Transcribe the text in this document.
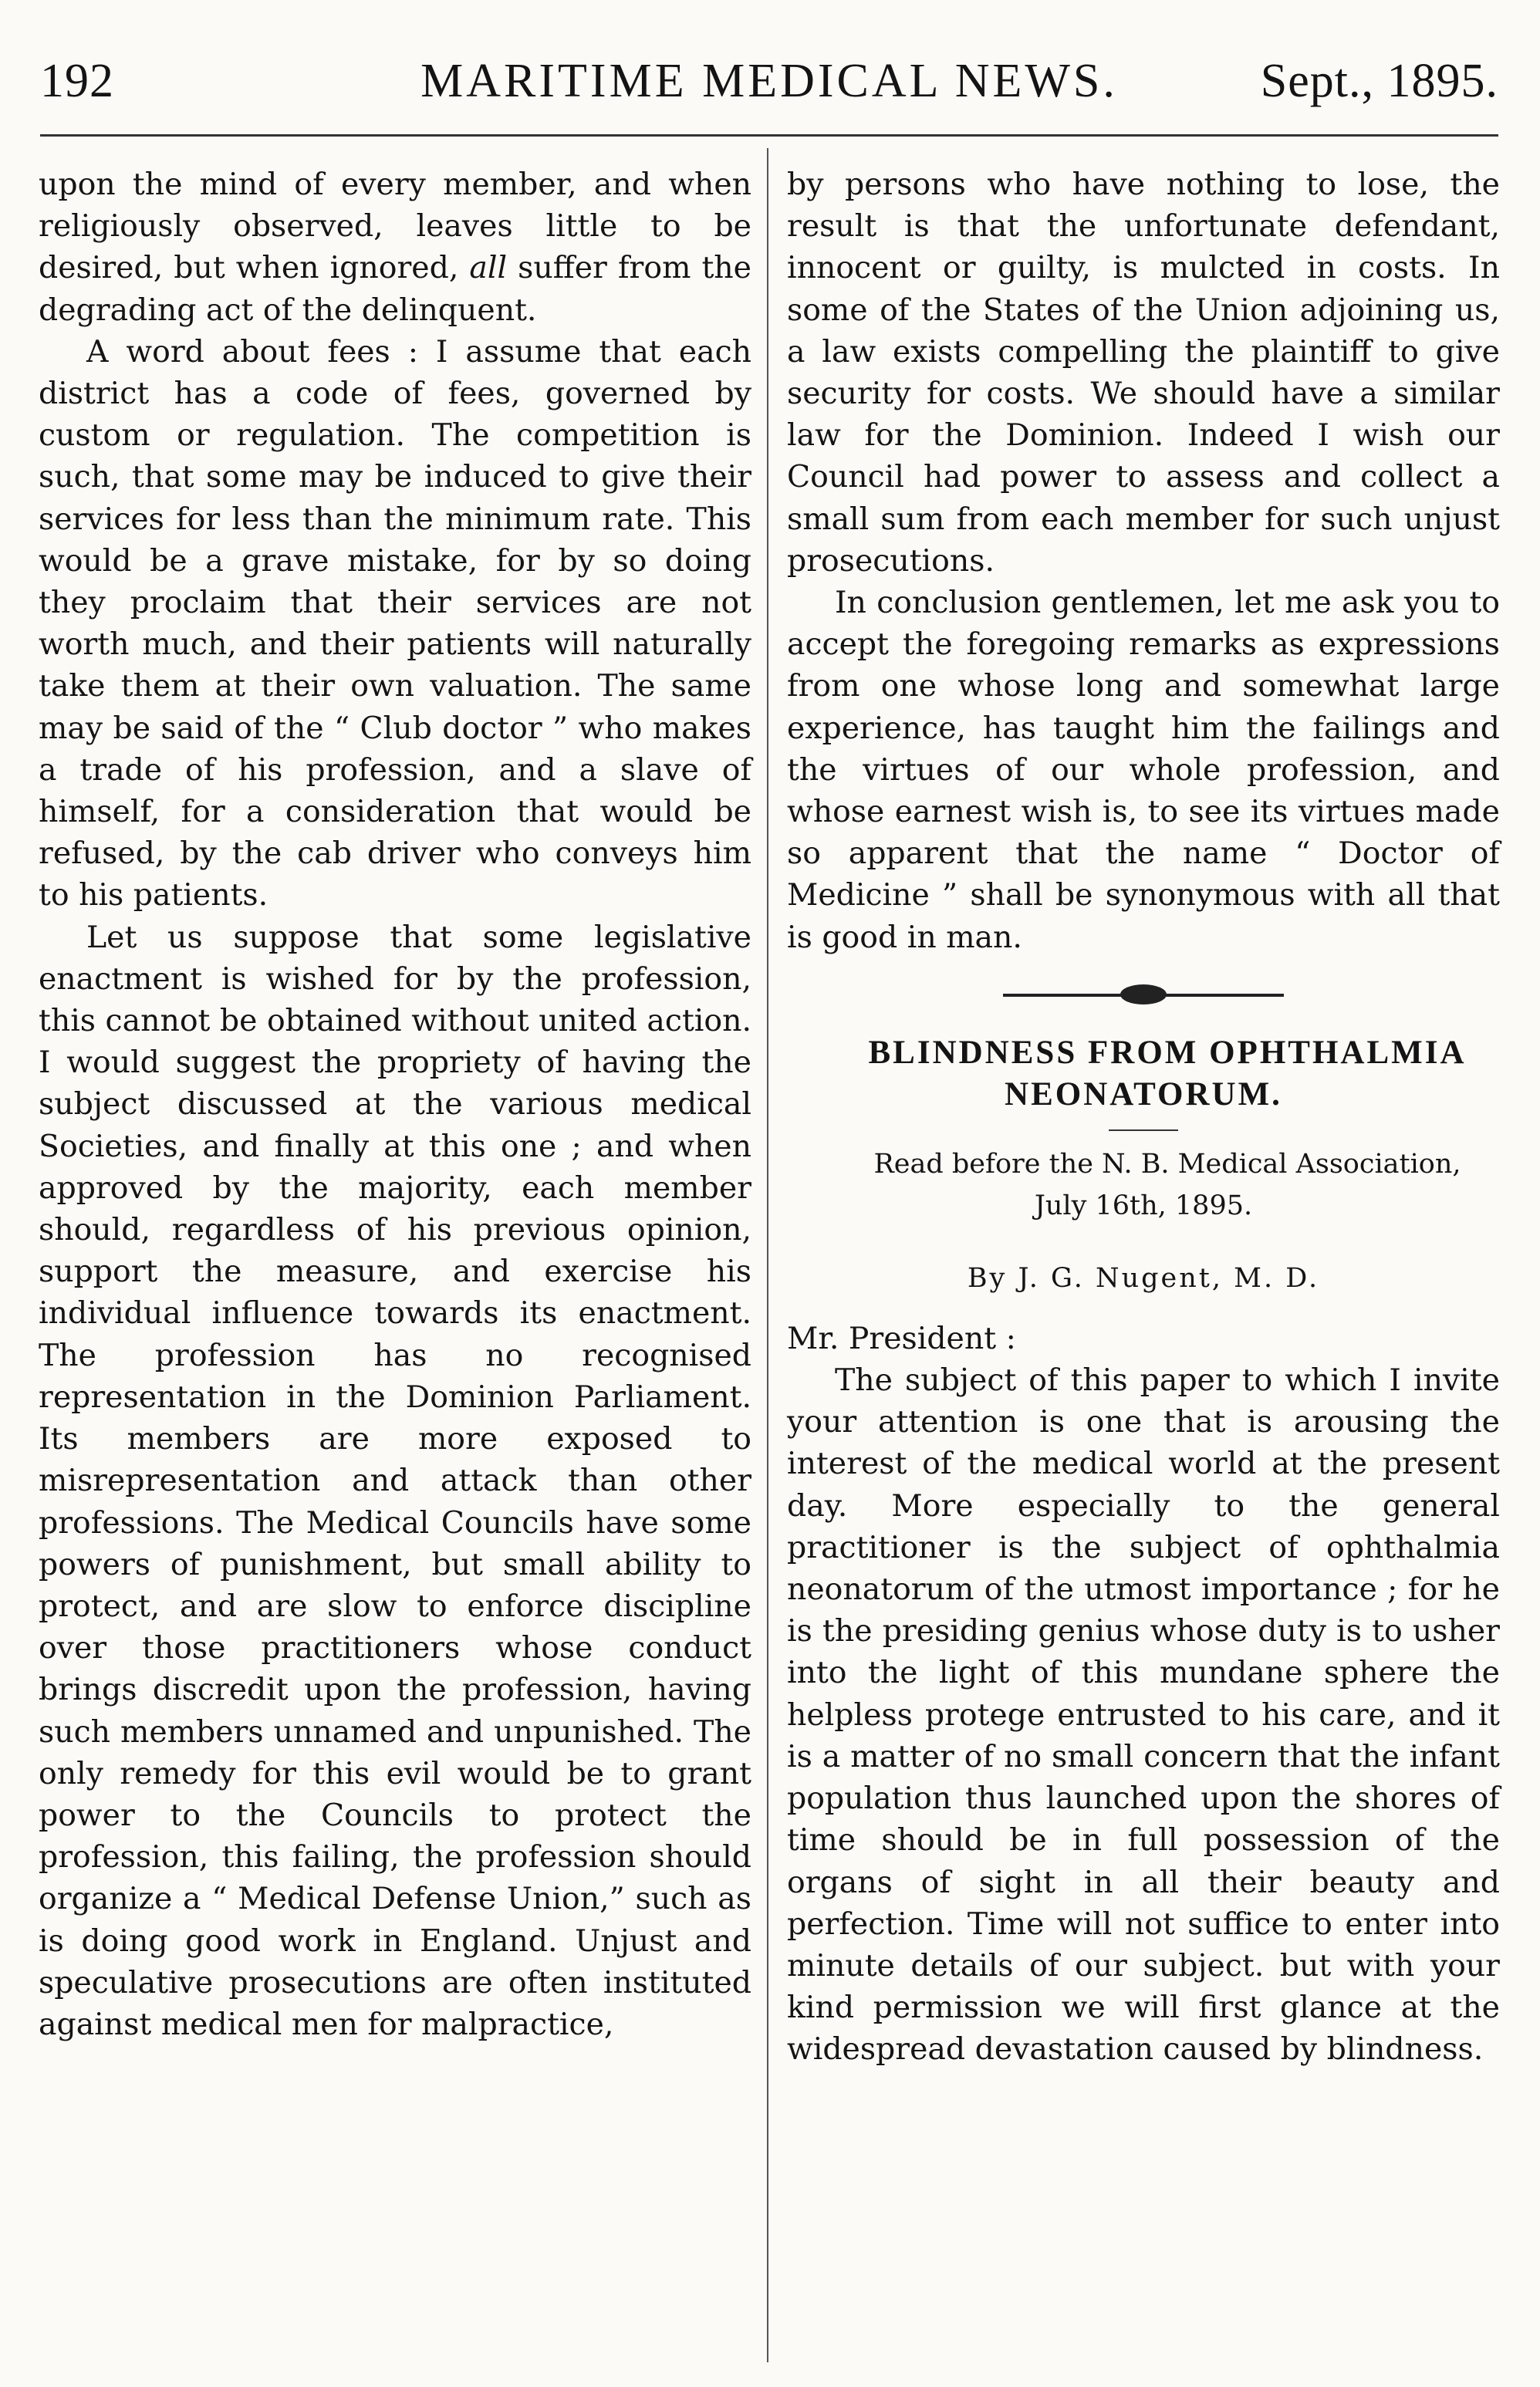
192	MARITIME MEDICAL NEWS.	Sept., 1895.

upon the mind of every member, and when religiously observed, leaves little to be desired, but when ignored, all suffer from the degrading act of the delinquent.

A word about fees : I assume that each district has a code of fees, governed by custom or regulation. The competition is such, that some may be induced to give their services for less than the minimum rate. This would be a grave mistake, for by so doing they proclaim that their services are not worth much, and their patients will naturally take them at their own valuation. The same may be said of the “ Club doctor ” who makes a trade of his profession, and a slave of himself, for a consideration that would be refused, by the cab driver who conveys him to his patients.

Let us suppose that some legislative enactment is wished for by the profession, this cannot be obtained without united action. I would suggest the propriety of having the subject discussed at the various medical Societies, and finally at this one ; and when approved by the majority, each member should, regardless of his previous opinion, support the measure, and exercise his individual influence towards its enactment. The profession has no recognised representation in the Dominion Parliament. Its members are more exposed to misrepresentation and attack than other professions. The Medical Councils have some powers of punishment, but small ability to protect, and are slow to enforce discipline over those practitioners whose conduct brings discredit upon the profession, having such members unnamed and unpunished. The only remedy for this evil would be to grant power to the Councils to protect the profession, this failing, the profession should organize a “ Medical Defense Union,” such as is doing good work in England. Unjust and speculative prosecutions are often instituted against medical men for malpractice,

by persons who have nothing to lose, the result is that the unfortunate defendant, innocent or guilty, is mulcted in costs. In some of the States of the Union adjoining us, a law exists compelling the plaintiff to give security for costs. We should have a similar law for the Dominion. Indeed I wish our Council had power to assess and collect a small sum from each member for such unjust prosecutions.

In conclusion gentlemen, let me ask you to accept the foregoing remarks as expressions from one whose long and somewhat large experience, has taught him the failings and the virtues of our whole profession, and whose earnest wish is, to see its virtues made so apparent that the name “ Doctor of Medicine ” shall be synonymous with all that is good in man.

BLINDNESS FROM OPHTHALMIA
NEONATORUM.

Read before the N. B. Medical Association,
July 16th, 1895.

By J. G. Nugent, M. D.

Mr. President :

The subject of this paper to which I invite your attention is one that is arousing the interest of the medical world at the present day. More especially to the general practitioner is the subject of ophthalmia neonatorum of the utmost importance ; for he is the presiding genius whose duty is to usher into the light of this mundane sphere the helpless protege entrusted to his care, and it is a matter of no small concern that the infant population thus launched upon the shores of time should be in full possession of the organs of sight in all their beauty and perfection. Time will not suffice to enter into minute details of our subject. but with your kind permission we will first glance at the widespread devastation caused by blindness.
